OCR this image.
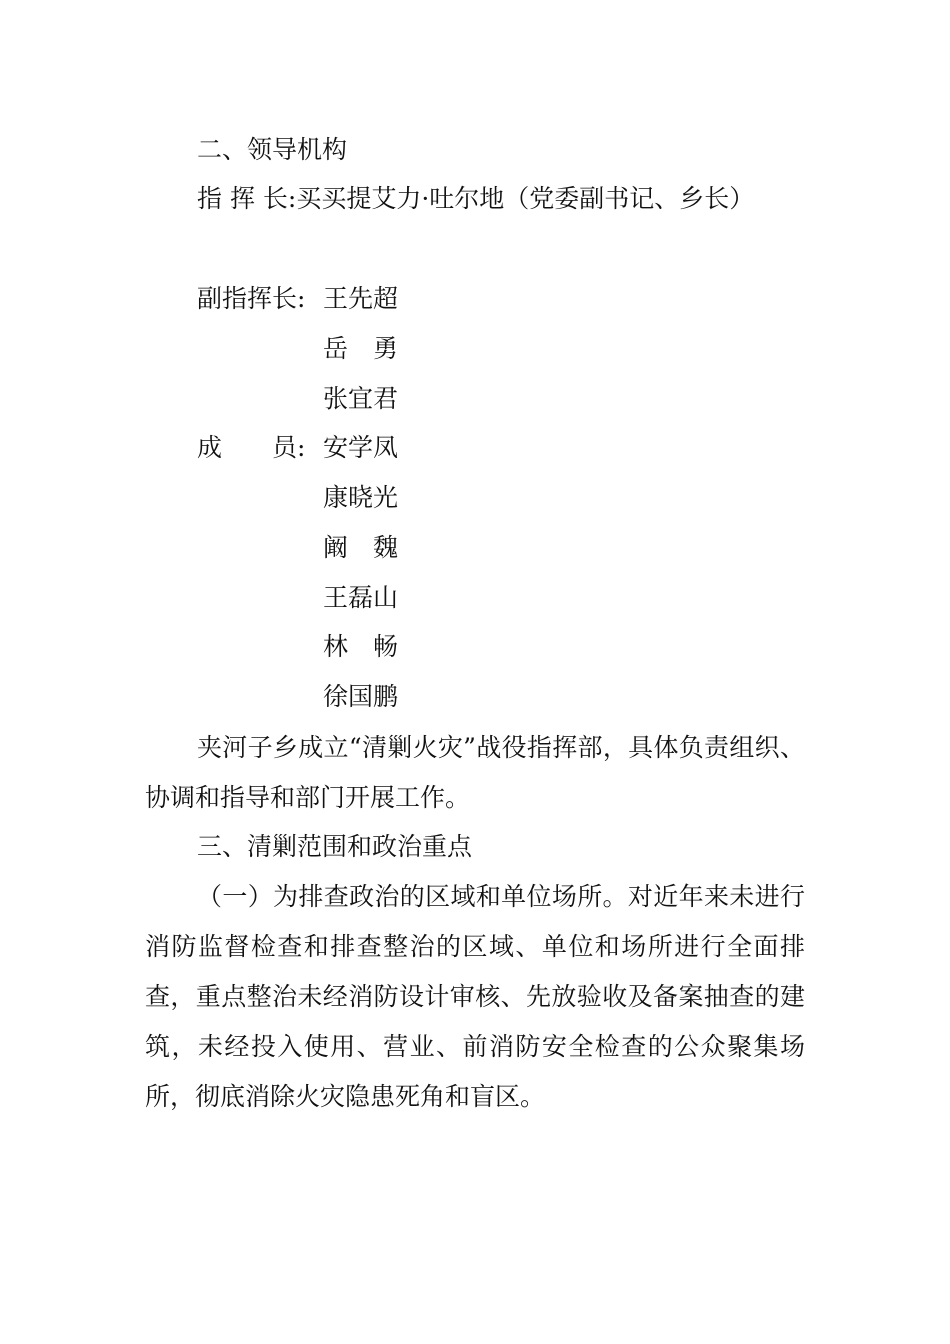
二、领导机构
指 挥 长:买买提艾力·吐尔地（党委副书记、乡长）
副指挥长: 王先超
岳　勇
张宜君
成　　员: 安学凤
康晓光
阚　魏
王磊山
林　畅
徐国鹏
夹河子乡成立“清剿火灾”战役指挥部，具体负责组织、协调和指导和部门开展工作。
三、清剿范围和政治重点
（一）为排查政治的区域和单位场所。对近年来未进行消防监督检查和排查整治的区域、单位和场所进行全面排查，重点整治未经消防设计审核、先放验收及备案抽查的建筑，未经投入使用、营业、前消防安全检查的公众聚集场所，彻底消除火灾隐患死角和盲区。
